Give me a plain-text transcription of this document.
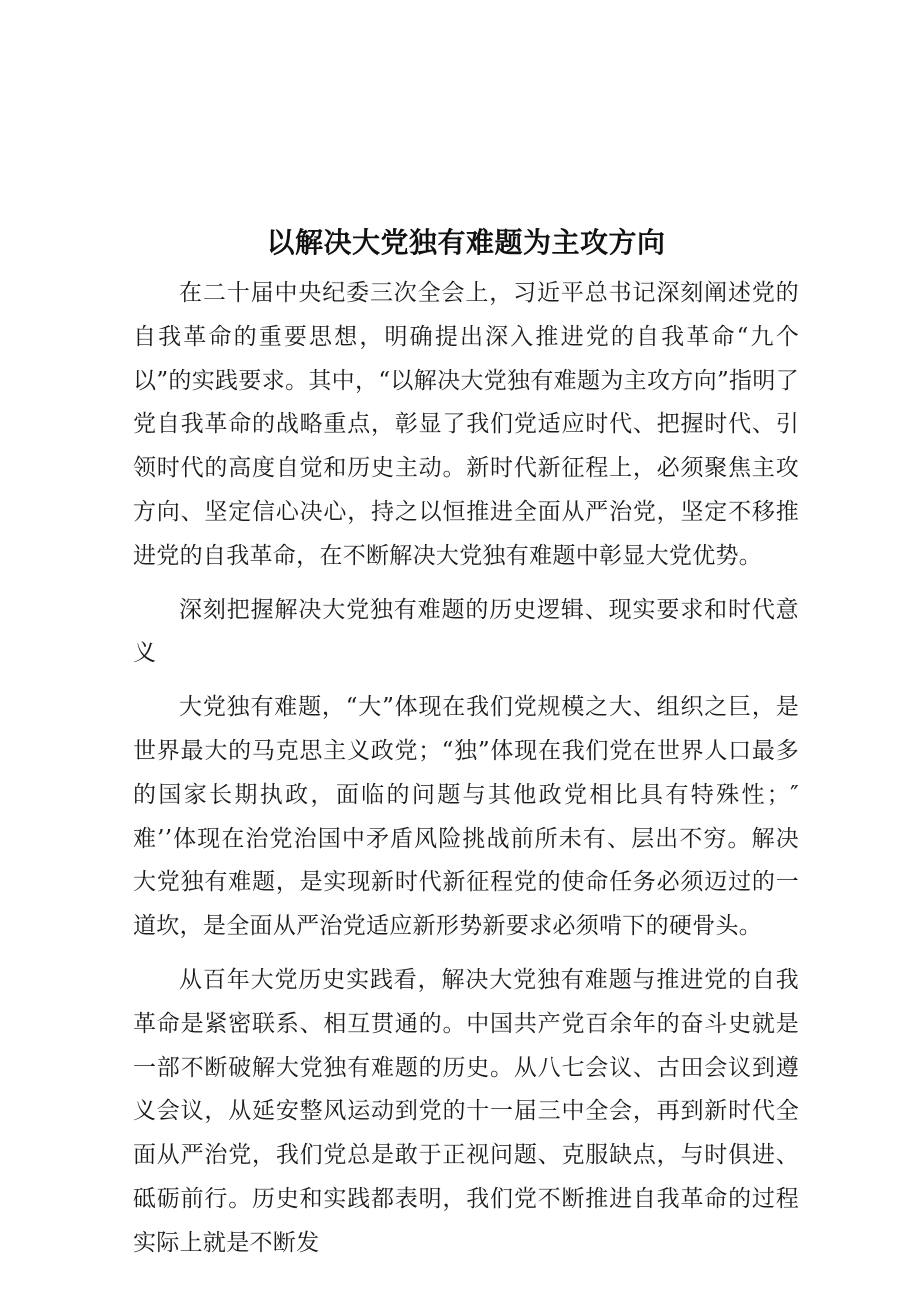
以解决大党独有难题为主攻方向

在二十届中央纪委三次全会上，习近平总书记深刻阐述党的自我革命的重要思想，明确提出深入推进党的自我革命“九个以”的实践要求。其中，“以解决大党独有难题为主攻方向”指明了党自我革命的战略重点，彰显了我们党适应时代、把握时代、引领时代的高度自觉和历史主动。新时代新征程上，必须聚焦主攻方向、坚定信心决心，持之以恒推进全面从严治党，坚定不移推进党的自我革命，在不断解决大党独有难题中彰显大党优势。

深刻把握解决大党独有难题的历史逻辑、现实要求和时代意义

大党独有难题，“大”体现在我们党规模之大、组织之巨，是世界最大的马克思主义政党；“独”体现在我们党在世界人口最多的国家长期执政，面临的问题与其他政党相比具有特殊性；″难’’体现在治党治国中矛盾风险挑战前所未有、层出不穷。解决大党独有难题，是实现新时代新征程党的使命任务必须迈过的一道坎，是全面从严治党适应新形势新要求必须啃下的硬骨头。

从百年大党历史实践看，解决大党独有难题与推进党的自我革命是紧密联系、相互贯通的。中国共产党百余年的奋斗史就是一部不断破解大党独有难题的历史。从八七会议、古田会议到遵义会议，从延安整风运动到党的十一届三中全会，再到新时代全面从严治党，我们党总是敢于正视问题、克服缺点，与时俱进、砥砺前行。历史和实践都表明，我们党不断推进自我革命的过程实际上就是不断发
